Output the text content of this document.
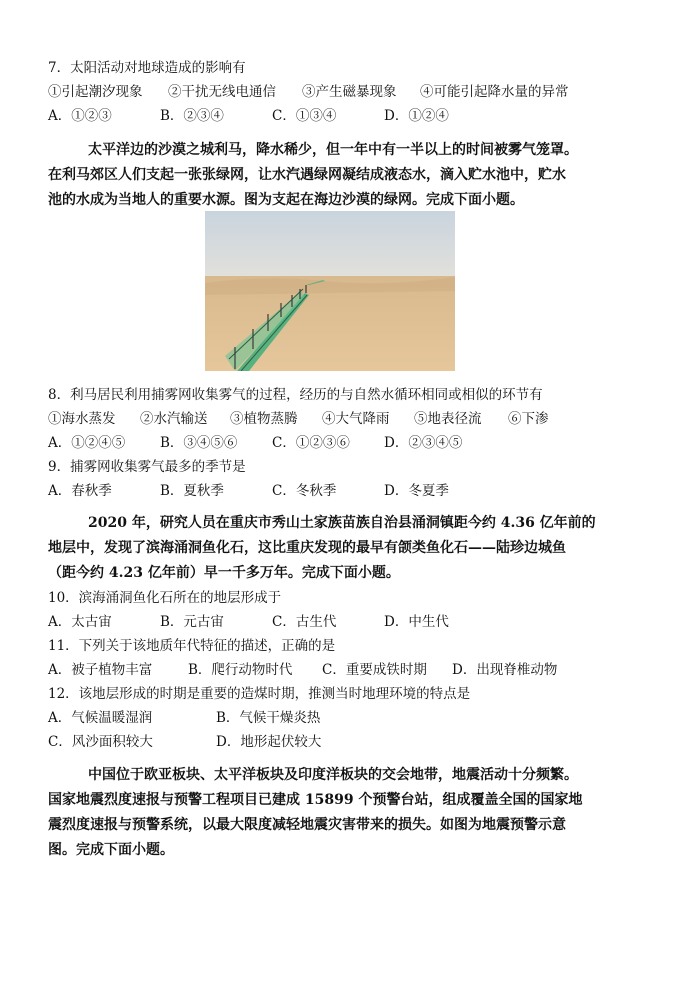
7．太阳活动对地球造成的影响有
①引起潮汐现象 ②干扰无线电通信 ③产生磁暴现象 ④可能引起降水量的异常
A．①②③	B．②③④	C．①③④	D．①②④

太平洋边的沙漠之城利马，降水稀少，但一年中有一半以上的时间被雾气笼罩。

在利马郊区人们支起一张张绿网，让水汽遇绿网凝结成液态水，滴入贮水池中，贮水

池的水成为当地人的重要水源。图为支起在海边沙漠的绿网。完成下面小题。

8．利马居民利用捕雾网收集雾气的过程，经历的与自然水循环相同或相似的环节有
①海水蒸发 ②水汽输送 ③植物蒸腾 ④大气降雨 ⑤地表径流 ⑥下渗
A．①②④⑤	B．③④⑤⑥	C．①②③⑥	D．②③④⑤
9．捕雾网收集雾气最多的季节是
A．春秋季	B．夏秋季	C．冬秋季	D．冬夏季

2020 年，研究人员在重庆市秀山土家族苗族自治县涌洞镇距今约 4.36 亿年前的

地层中，发现了滨海涌洞鱼化石，这比重庆发现的最早有颌类鱼化石——陆珍边城鱼

（距今约 4.23 亿年前）早一千多万年。完成下面小题。

10．滨海涌洞鱼化石所在的地层形成于
A．太古宙	B．元古宙	C．古生代	D．中生代
11．下列关于该地质年代特征的描述，正确的是
A．被子植物丰富	B．爬行动物时代 C．重要成铁时期 D．出现脊椎动物
12．该地层形成的时期是重要的造煤时期，推测当时地理环境的特点是
A．气候温暖湿润	B．气候干燥炎热
C．风沙面积较大	D．地形起伏较大

中国位于欧亚板块、太平洋板块及印度洋板块的交会地带，地震活动十分频繁。

国家地震烈度速报与预警工程项目已建成 15899 个预警台站，组成覆盖全国的国家地

震烈度速报与预警系统，以最大限度减轻地震灾害带来的损失。如图为地震预警示意

图。完成下面小题。
